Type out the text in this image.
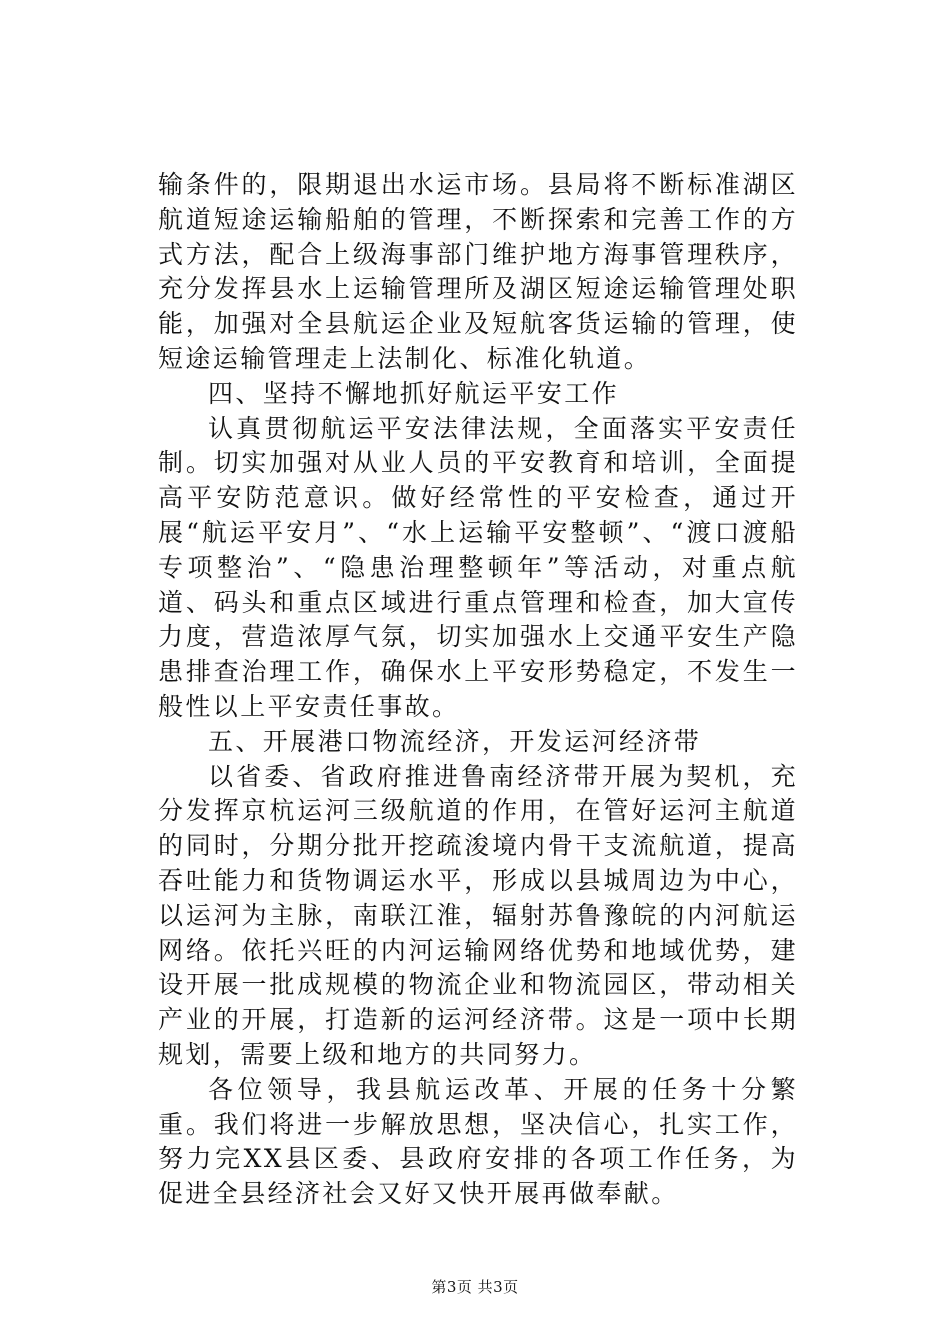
输条件的，限期退出水运市场。县局将不断标准湖区航道短途运输船舶的管理，不断探索和完善工作的方式方法，配合上级海事部门维护地方海事管理秩序，充分发挥县水上运输管理所及湖区短途运输管理处职能，加强对全县航运企业及短航客货运输的管理，使短途运输管理走上法制化、标准化轨道。

四、坚持不懈地抓好航运平安工作

认真贯彻航运平安法律法规，全面落实平安责任制。切实加强对从业人员的平安教育和培训，全面提高平安防范意识。做好经常性的平安检查，通过开展“航运平安月”、“水上运输平安整顿”、“渡口渡船专项整治”、“隐患治理整顿年”等活动，对重点航道、码头和重点区域进行重点管理和检查，加大宣传力度，营造浓厚气氛，切实加强水上交通平安生产隐患排查治理工作，确保水上平安形势稳定，不发生一般性以上平安责任事故。

五、开展港口物流经济，开发运河经济带

以省委、省政府推进鲁南经济带开展为契机，充分发挥京杭运河三级航道的作用，在管好运河主航道的同时，分期分批开挖疏浚境内骨干支流航道，提高吞吐能力和货物调运水平，形成以县城周边为中心，以运河为主脉，南联江淮，辐射苏鲁豫皖的内河航运网络。依托兴旺的内河运输网络优势和地域优势，建设开展一批成规模的物流企业和物流园区，带动相关产业的开展，打造新的运河经济带。这是一项中长期规划，需要上级和地方的共同努力。

各位领导，我县航运改革、开展的任务十分繁重。我们将进一步解放思想，坚决信心，扎实工作，努力完XX县区委、县政府安排的各项工作任务，为促进全县经济社会又好又快开展再做奉献。

第3页 共3页
